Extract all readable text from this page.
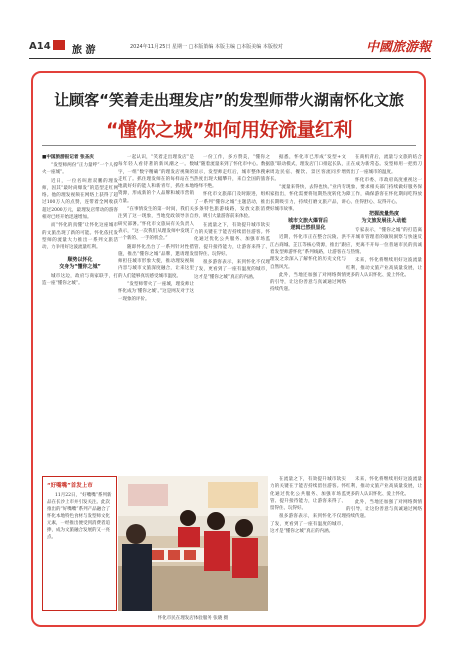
A14 旅 游	2024年11月25日 星期一 □本版策编 本版主编 □本版美编 本版校对	中國旅游報
让顾客“笑着走出理发店”的发型师带火湖南怀化文旅
“懂你之城”如何用好流量红利
■中国旅游报记者 张圣庆

“发型师两份”正力量呼“一个人撑火一座城”。

近日，一位名叫唐双鹏的理发师，因其“最时尚爆发”的造型走红网络。他的理发视频在网络上获得了超过100万人的点赞，连带着全网收获超过2000万元，最理发店带动的游客相对已经开始迅速增加。

而“怀化的真懂”让怀化这座城市的文旅出现了新的可能。怀化依托发型师的流量大力推出一系列文旅活动，力争用好这波流量红利。

顺势以怀化
交身为“懂你之城”

城市这边，政府与商家联手，打造一座“懂你之城”。

一起认识，“笑着走出理发店”是每年轻人看待著的新风潮之一。数字，一组“数字精确”的理发店视频的走红了。抓住理发师在的每样站在当地就好好的能人和新青年，抓住本地资源，形成新的个人品牌和城市营销力量。

“在事情发生的第一时间，我们关注到了这一现象，当地党政领导亲自研究部署。”怀化市文旅局有关负责人表示，“这一次我们从理发师中发现了一个新的、一手的机会。”

随即怀化出台了一系列针对性措施，推出“懂你之城”品牌，邀请理发师担任城市形象大使，推动理发视频内容与城市文旅深度融合，让来这里的人们能够真切感受城市温度。

“发型师带火了一座城，理发师让怀化成为‘懂你之城’。”这是网友对于这一现象的评价。

一份工作，多方赞美，“懂你之城”随着流量来到了怀化市中心。数据显示，发型师走红后，城市整体搜索热度出现大幅攀升，来自全国的旅客络绎不绝。

怀化市文旅部门及时跟进，组织了一系列“懂你之城”主题活动，推出多条特色旅游线路，发放文旅消费券，吸引大量游客前来体验。

在流量之下，有效提升城市软实力的关键在于能否持续留住游客。怀化通过优化公共服务、加强市场监管、提升接待能力，让游客来得了、留得住、玩得好。

很多游客表示，来到怀化不仅理了发，更看到了一座有温度的城市，这才是“懂你之城”真正的内涵。

据悉，怀化市已形成“发型+文旅”联动模式，理发店门口排起长队，周边民宿、餐饮、景区客流同步增长。

“流量来得快，去得也快。”业内专家指出，怀化需要将短期热度转化为长期吸引力，持续打磨文旅产品，讲好城市故事。

城市文旅火爆背后
逻辑已然很显化

近期，怀化市正在整合沅陵、洪江古商城、芷江等核心资源，推出“跟着发型师游怀化”系列线路，让游客在理发之余深入了解怀化的历史文化与自然风光。

此外，当地还加强了对网络舆情的引导，让这份善意与真诚通过网络持续传递。

在商机背后，流量与文旅的结合正在成为新常态。发型师用一把剪刀剪出了一座城市的温度。

怀化市委、市政府高度重视这一现象，要求相关部门持续做好服务保障工作，确保游客在怀化期间吃得放心、住得舒心、玩得开心。

把握流量热度
为文旅发展注入动能

专家表示，“懂你之城”的打造离不开城市管理者的敏锐洞察与快速反应，更离不开每一位普通市民的真诚与热情。

未来，怀化将继续用好这波流量红利，推动文旅产业高质量发展，让更多的人认识怀化、爱上怀化。

“好嘴嘴”首发上市
11月22日，“好嘴嘴”系列新品在长沙上市并引发关注。此次推出的“好嘴嘴”系列产品融合了怀化本地特色食材与发型师文化元素，一经推出便受到消费者追捧，成为文旅融合发展的又一亮点。
怀化市民在理发店体验服务 张晓 摄

在流量之下，有效提升城市软实力的关键在于能否持续留住游客。怀化通过优化公共服务、加强市场监管、提升接待能力，让游客来得了、留得住、玩得好。

很多游客表示，来到怀化不仅理了发，更看到了一座有温度的城市，这才是“懂你之城”真正的内涵。

未来，怀化将继续用好这波流量红利，推动文旅产业高质量发展，让更多的人认识怀化、爱上怀化。

此外，当地还加强了对网络舆情的引导，让这份善意与真诚通过网络持续传递。
